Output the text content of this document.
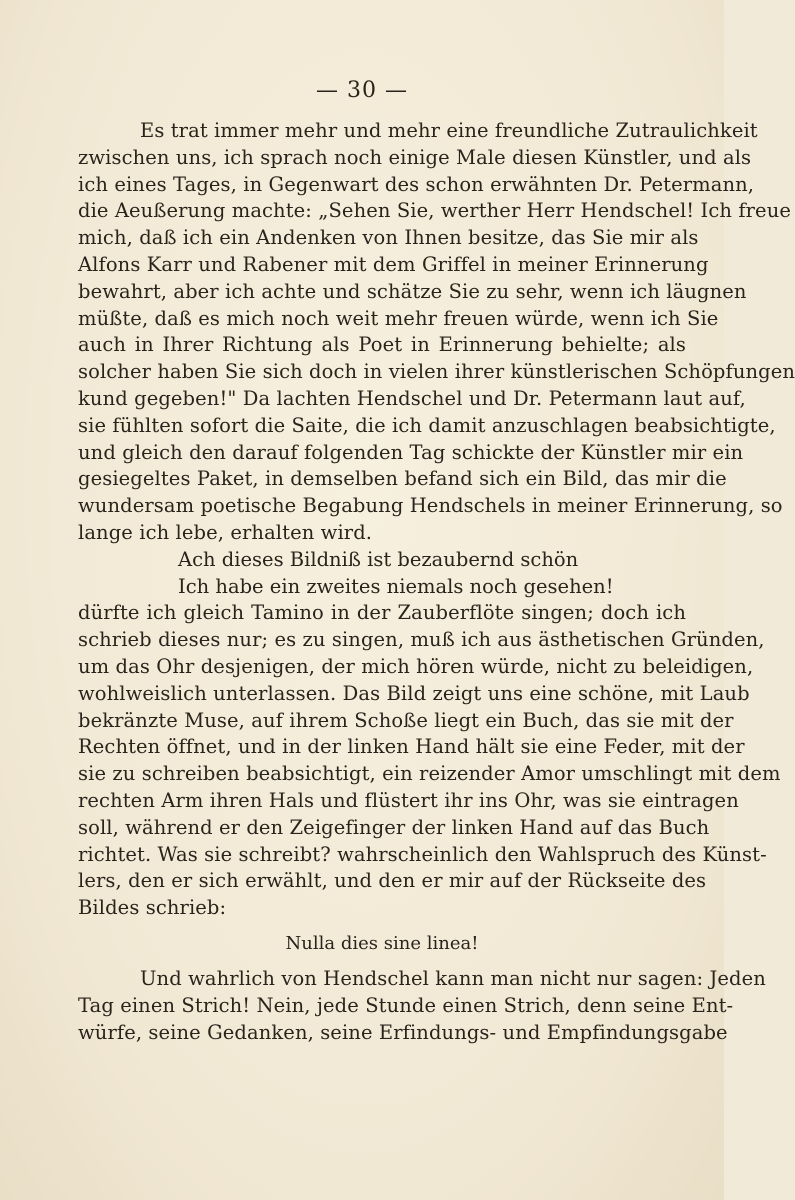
— 30 —
Es trat immer mehr und mehr eine freundliche Zutraulichkeit
zwischen uns, ich sprach noch einige Male diesen Künstler, und als
ich eines Tages, in Gegenwart des schon erwähnten Dr. Petermann,
die Aeußerung machte: „Sehen Sie, werther Herr Hendschel! Ich freue
mich, daß ich ein Andenken von Ihnen besitze, das Sie mir als
Alfons Karr und Rabener mit dem Griffel in meiner Erinnerung
bewahrt, aber ich achte und schätze Sie zu sehr, wenn ich läugnen
müßte, daß es mich noch weit mehr freuen würde, wenn ich Sie
auch in Ihrer Richtung als Poet in Erinnerung behielte; als
solcher haben Sie sich doch in vielen ihrer künstlerischen Schöpfungen
kund gegeben!" Da lachten Hendschel und Dr. Petermann laut auf,
sie fühlten sofort die Saite, die ich damit anzuschlagen beabsichtigte,
und gleich den darauf folgenden Tag schickte der Künstler mir ein
gesiegeltes Paket, in demselben befand sich ein Bild, das mir die
wundersam poetische Begabung Hendschels in meiner Erinnerung, so
lange ich lebe, erhalten wird.
Ach dieses Bildniß ist bezaubernd schön
Ich habe ein zweites niemals noch gesehen!
dürfte ich gleich Tamino in der Zauberflöte singen; doch ich
schrieb dieses nur; es zu singen, muß ich aus ästhetischen Gründen,
um das Ohr desjenigen, der mich hören würde, nicht zu beleidigen,
wohlweislich unterlassen. Das Bild zeigt uns eine schöne, mit Laub
bekränzte Muse, auf ihrem Schoße liegt ein Buch, das sie mit der
Rechten öffnet, und in der linken Hand hält sie eine Feder, mit der
sie zu schreiben beabsichtigt, ein reizender Amor umschlingt mit dem
rechten Arm ihren Hals und flüstert ihr ins Ohr, was sie eintragen
soll, während er den Zeigefinger der linken Hand auf das Buch
richtet. Was sie schreibt? wahrscheinlich den Wahlspruch des Künst-
lers, den er sich erwählt, und den er mir auf der Rückseite des
Bildes schrieb:
Nulla dies sine linea!
Und wahrlich von Hendschel kann man nicht nur sagen: Jeden
Tag einen Strich! Nein, jede Stunde einen Strich, denn seine Ent-
würfe, seine Gedanken, seine Erfindungs- und Empfindungsgabe
